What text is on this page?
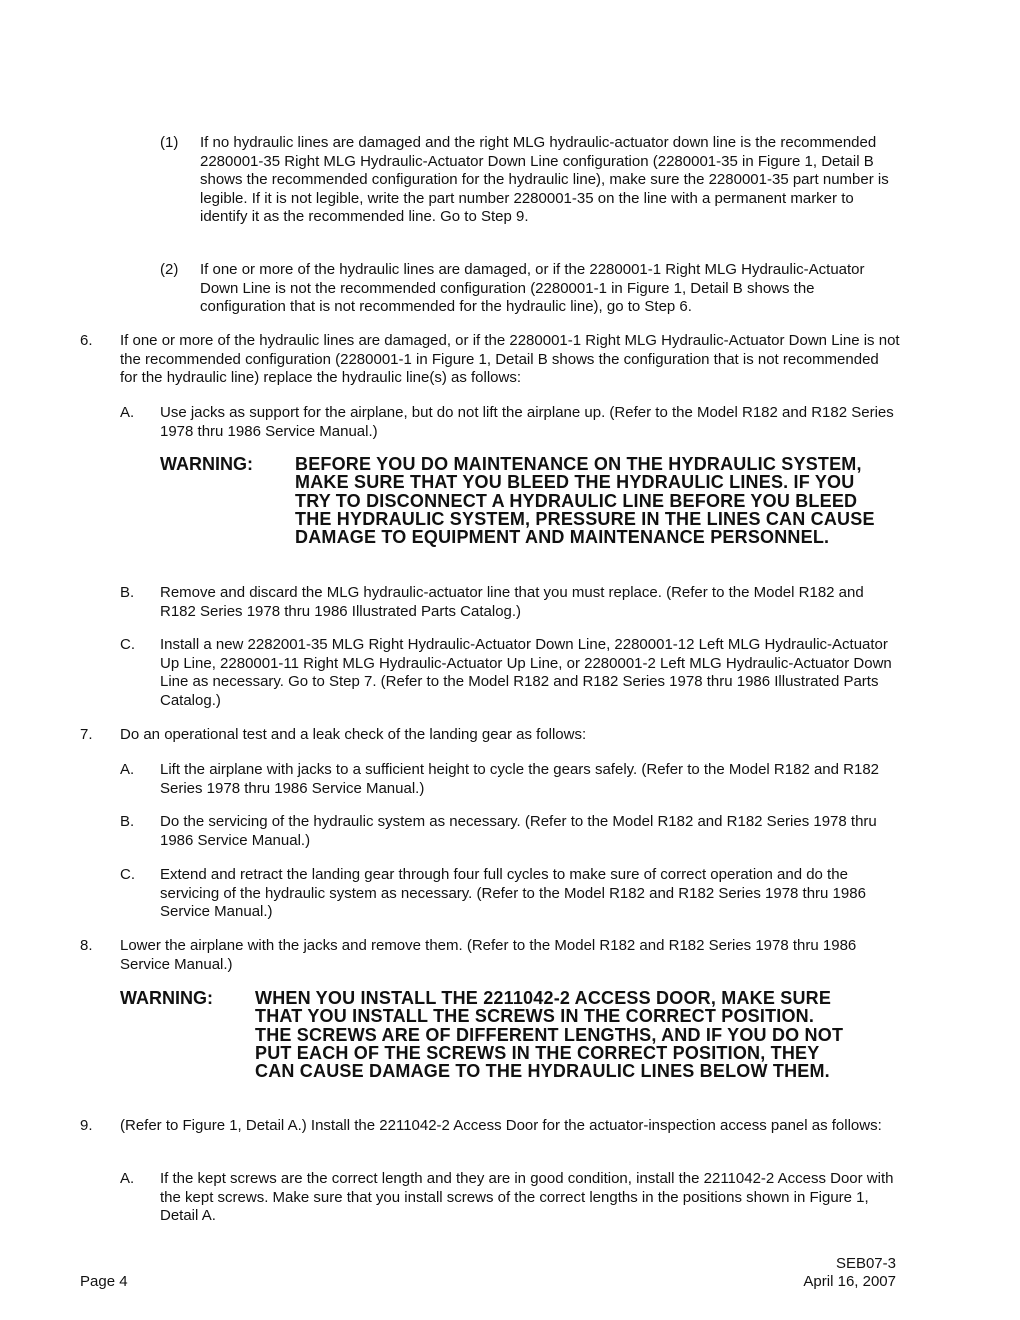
(1)	If no hydraulic lines are damaged and the right MLG hydraulic-actuator down line is the recommended 2280001-35 Right MLG Hydraulic-Actuator Down Line configuration (2280001-35 in Figure 1, Detail B shows the recommended configuration for the hydraulic line), make sure the 2280001-35 part number is legible. If it is not legible, write the part number 2280001-35 on the line with a permanent marker to identify it as the recommended line. Go to Step 9.
(2)	If one or more of the hydraulic lines are damaged, or if the 2280001-1 Right MLG Hydraulic-Actuator Down Line is not the recommended configuration (2280001-1 in Figure 1, Detail B shows the configuration that is not recommended for the hydraulic line), go to Step 6.
6.	If one or more of the hydraulic lines are damaged, or if the 2280001-1 Right MLG Hydraulic-Actuator Down Line is not the recommended configuration (2280001-1 in Figure 1, Detail B shows the configuration that is not recommended for the hydraulic line) replace the hydraulic line(s) as follows:
A.	Use jacks as support for the airplane, but do not lift the airplane up. (Refer to the Model R182 and R182 Series 1978 thru 1986 Service Manual.)
WARNING: BEFORE YOU DO MAINTENANCE ON THE HYDRAULIC SYSTEM, MAKE SURE THAT YOU BLEED THE HYDRAULIC LINES. IF YOU TRY TO DISCONNECT A HYDRAULIC LINE BEFORE YOU BLEED THE HYDRAULIC SYSTEM, PRESSURE IN THE LINES CAN CAUSE DAMAGE TO EQUIPMENT AND MAINTENANCE PERSONNEL.
B.	Remove and discard the MLG hydraulic-actuator line that you must replace. (Refer to the Model R182 and R182 Series 1978 thru 1986 Illustrated Parts Catalog.)
C.	Install a new 2282001-35 MLG Right Hydraulic-Actuator Down Line, 2280001-12 Left MLG Hydraulic-Actuator Up Line, 2280001-11 Right MLG Hydraulic-Actuator Up Line, or 2280001-2 Left MLG Hydraulic-Actuator Down Line as necessary. Go to Step 7. (Refer to the Model R182 and R182 Series 1978 thru 1986 Illustrated Parts Catalog.)
7.	Do an operational test and a leak check of the landing gear as follows:
A.	Lift the airplane with jacks to a sufficient height to cycle the gears safely. (Refer to the Model R182 and R182 Series 1978 thru 1986 Service Manual.)
B.	Do the servicing of the hydraulic system as necessary. (Refer to the Model R182 and R182 Series 1978 thru 1986 Service Manual.)
C.	Extend and retract the landing gear through four full cycles to make sure of correct operation and do the servicing of the hydraulic system as necessary. (Refer to the Model R182 and R182 Series 1978 thru 1986 Service Manual.)
8.	Lower the airplane with the jacks and remove them. (Refer to the Model R182 and R182 Series 1978 thru 1986 Service Manual.)
WARNING: WHEN YOU INSTALL THE 2211042-2 ACCESS DOOR, MAKE SURE THAT YOU INSTALL THE SCREWS IN THE CORRECT POSITION. THE SCREWS ARE OF DIFFERENT LENGTHS, AND IF YOU DO NOT PUT EACH OF THE SCREWS IN THE CORRECT POSITION, THEY CAN CAUSE DAMAGE TO THE HYDRAULIC LINES BELOW THEM.
9.	(Refer to Figure 1, Detail A.) Install the 2211042-2 Access Door for the actuator-inspection access panel as follows:
A.	If the kept screws are the correct length and they are in good condition, install the 2211042-2 Access Door with the kept screws. Make sure that you install screws of the correct lengths in the positions shown in Figure 1, Detail A.
SEB07-3
Page 4	April 16, 2007
